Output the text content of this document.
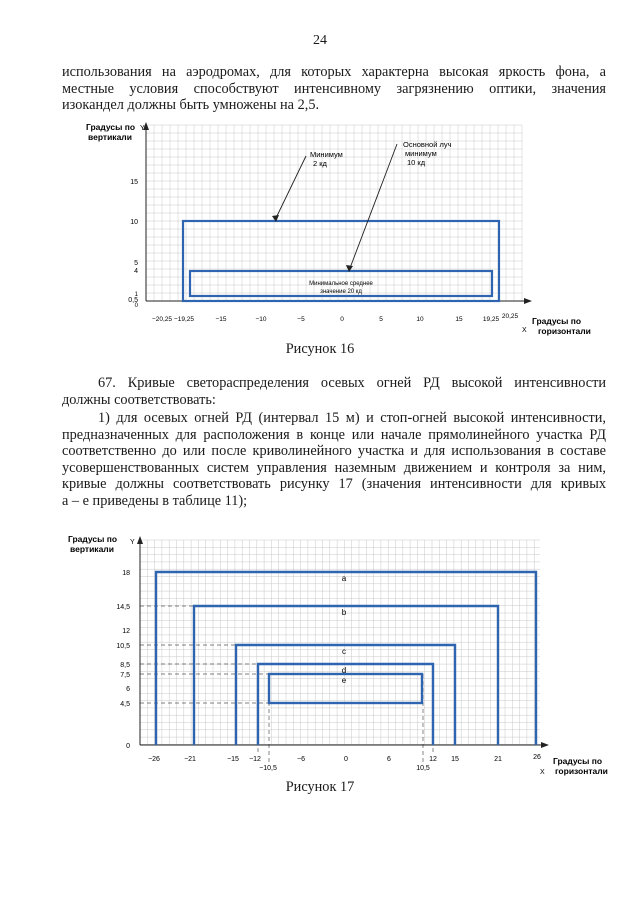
24
использования на аэродромах, для которых характерна высокая яркость фона, а
местные условия способствуют интенсивному загрязнению оптики, значения
изокандел должны быть умножены на 2,5.
Градусы по
вертикали
Y
Градусы по
горизонтали
X
15
10
5
4
1
0,5
0
−20,25 −19,25	−15	−10	−5	0	5	10	15	19,25 20,25
Минимум
2 кд
Основной луч
минимум
10 кд
Минимальное среднее
значение 20 кд
Рисунок 16
67. Кривые светораспределения осевых огней РД высокой интенсивности
должны соответствовать:
1) для осевых огней РД (интервал 15 м) и стоп-огней высокой интенсивности,
предназначенных для расположения в конце или начале прямолинейного участка РД
соответственно до или после криволинейного участка и для использования в составе
усовершенствованных систем управления наземным движением и контроля за ним,
кривые должны соответствовать рисунку 17 (значения интенсивности для кривых
а – е приведены в таблице 11);
Градусы по
вертикали
Y
Градусы по
горизонтали
X
18
14,5
12
10,5
8,5
7,5
6
4,5
0
−26	−21	−15 −12	−6	0	6	12 15	21	26
−10,5	10,5
a
b
c
d
e
Рисунок 17
